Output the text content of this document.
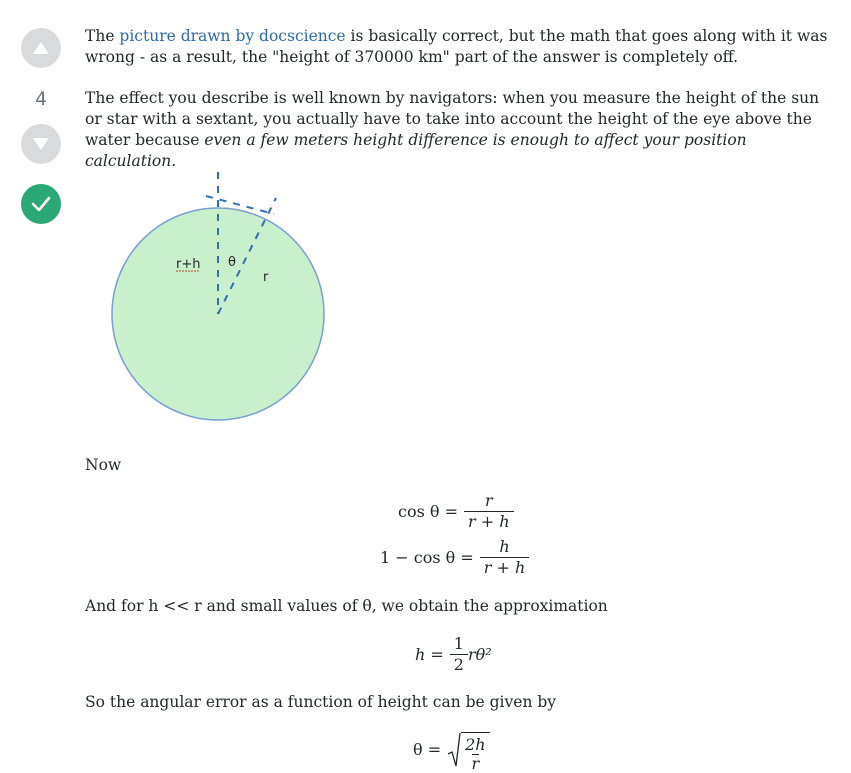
4

The picture drawn by docscience is basically correct, but the math that goes along with it was wrong - as a result, the "height of 370000 km" part of the answer is completely off.

The effect you describe is well known by navigators: when you measure the height of the sun or star with a sextant, you actually have to take into account the height of the eye above the water because even a few meters height difference is enough to affect your position calculation.

r+h θ
r
Now
$\cos \theta = \frac{r}{r + h}$
$1 - \cos \theta = \frac{h}{r + h}$
And for h << r and small values of θ, we obtain the approximation
$h = \frac{1}{2} r\theta^2$
So the angular error as a function of height can be given by
$\theta = \frac{2h}{r}$
